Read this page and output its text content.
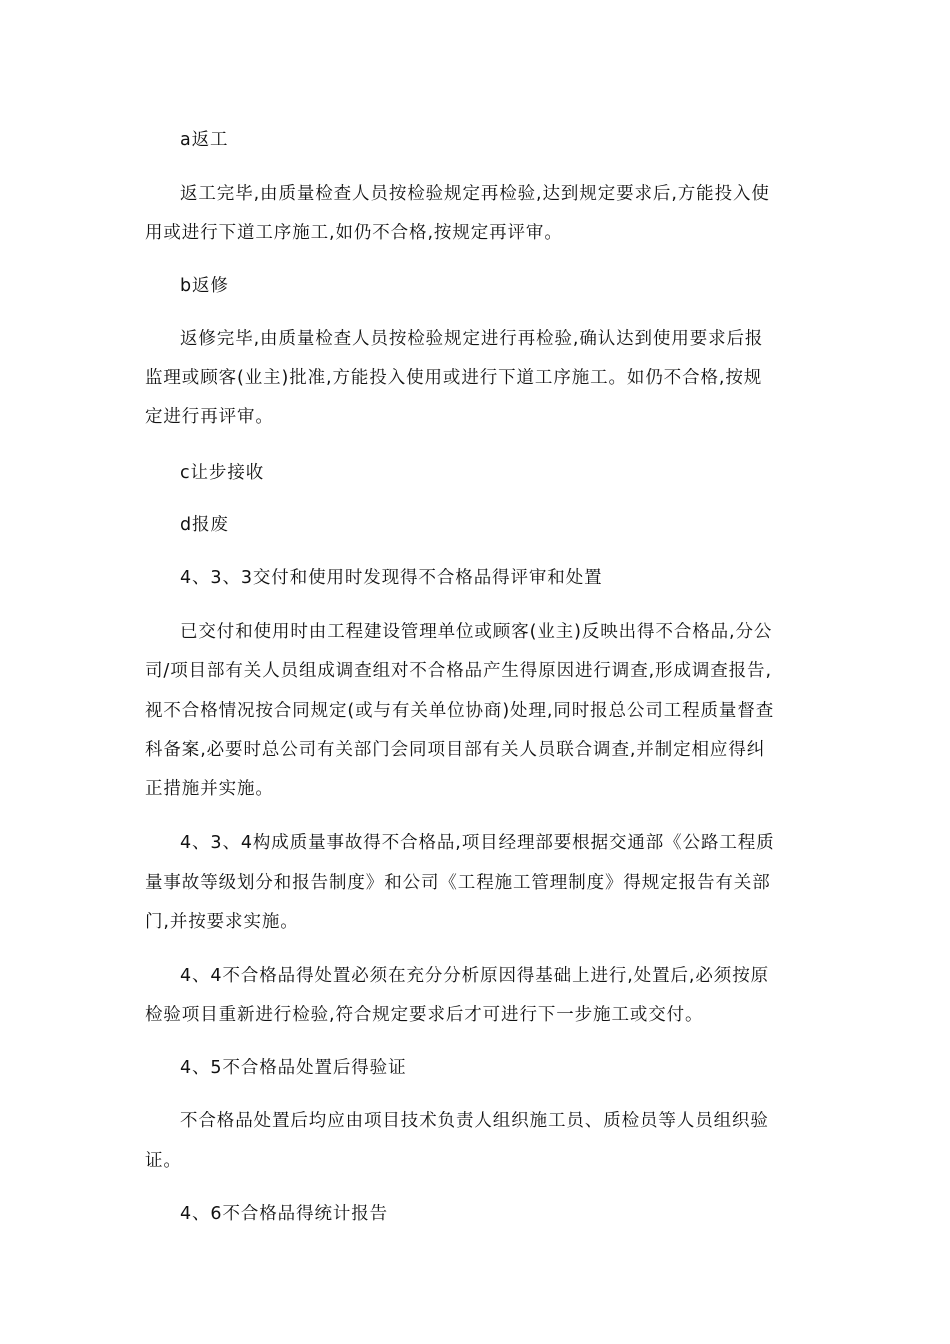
a返工

返工完毕,由质量检查人员按检验规定再检验,达到规定要求后,方能投入使

用或进行下道工序施工,如仍不合格,按规定再评审。

b返修

返修完毕,由质量检查人员按检验规定进行再检验,确认达到使用要求后报

监理或顾客(业主)批准,方能投入使用或进行下道工序施工。如仍不合格,按规

定进行再评审。

c让步接收

d报废

4、3、3交付和使用时发现得不合格品得评审和处置

已交付和使用时由工程建设管理单位或顾客(业主)反映出得不合格品,分公

司/项目部有关人员组成调查组对不合格品产生得原因进行调查,形成调查报告,

视不合格情况按合同规定(或与有关单位协商)处理,同时报总公司工程质量督查

科备案,必要时总公司有关部门会同项目部有关人员联合调查,并制定相应得纠

正措施并实施。

4、3、4构成质量事故得不合格品,项目经理部要根据交通部《公路工程质

量事故等级划分和报告制度》和公司《工程施工管理制度》得规定报告有关部

门,并按要求实施。

4、4不合格品得处置必须在充分分析原因得基础上进行,处置后,必须按原

检验项目重新进行检验,符合规定要求后才可进行下一步施工或交付。

4、5不合格品处置后得验证

不合格品处置后均应由项目技术负责人组织施工员、质检员等人员组织验

证。

4、6不合格品得统计报告
